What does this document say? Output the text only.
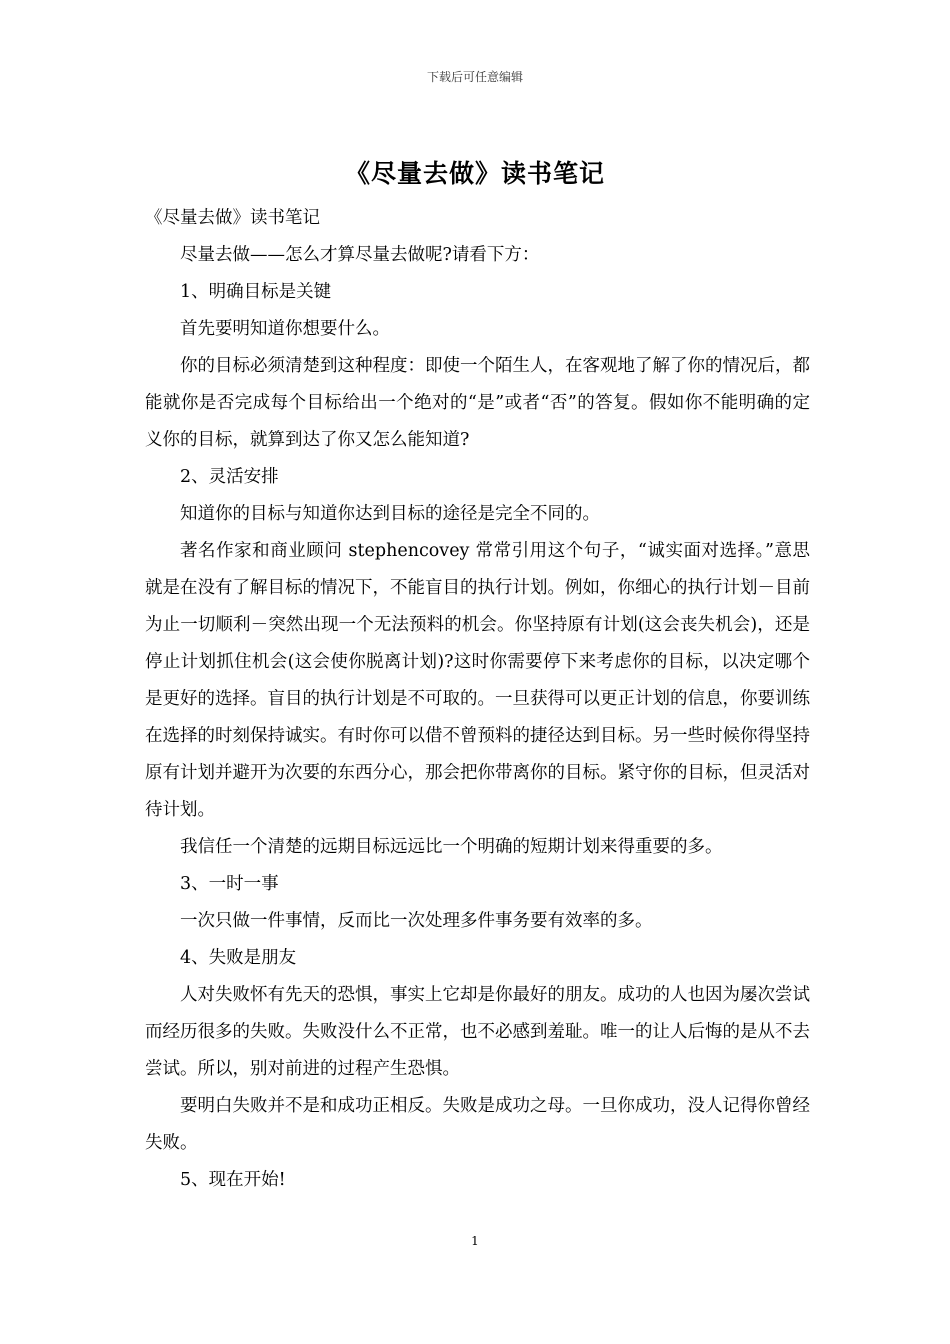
下载后可任意编辑
《尽量去做》读书笔记

《尽量去做》读书笔记

尽量去做——怎么才算尽量去做呢?请看下方：

1、明确目标是关键

首先要明知道你想要什么。

你的目标必须清楚到这种程度：即使一个陌生人，在客观地了解了你的情况后，都能就你是否完成每个目标给出一个绝对的“是”或者“否”的答复。假如你不能明确的定义你的目标，就算到达了你又怎么能知道?

2、灵活安排

知道你的目标与知道你达到目标的途径是完全不同的。

著名作家和商业顾问 stephencovey 常常引用这个句子，“诚实面对选择。”意思就是在没有了解目标的情况下，不能盲目的执行计划。例如，你细心的执行计划－目前为止一切顺利－突然出现一个无法预料的机会。你坚持原有计划(这会丧失机会)，还是停止计划抓住机会(这会使你脱离计划)?这时你需要停下来考虑你的目标，以决定哪个是更好的选择。盲目的执行计划是不可取的。一旦获得可以更正计划的信息，你要训练在选择的时刻保持诚实。有时你可以借不曾预料的捷径达到目标。另一些时候你得坚持原有计划并避开为次要的东西分心，那会把你带离你的目标。紧守你的目标，但灵活对待计划。

我信任一个清楚的远期目标远远比一个明确的短期计划来得重要的多。

3、一时一事

一次只做一件事情，反而比一次处理多件事务要有效率的多。

4、失败是朋友

人对失败怀有先天的恐惧，事实上它却是你最好的朋友。成功的人也因为屡次尝试而经历很多的失败。失败没什么不正常，也不必感到羞耻。唯一的让人后悔的是从不去尝试。所以，别对前进的过程产生恐惧。

要明白失败并不是和成功正相反。失败是成功之母。一旦你成功，没人记得你曾经失败。

5、现在开始!

1
